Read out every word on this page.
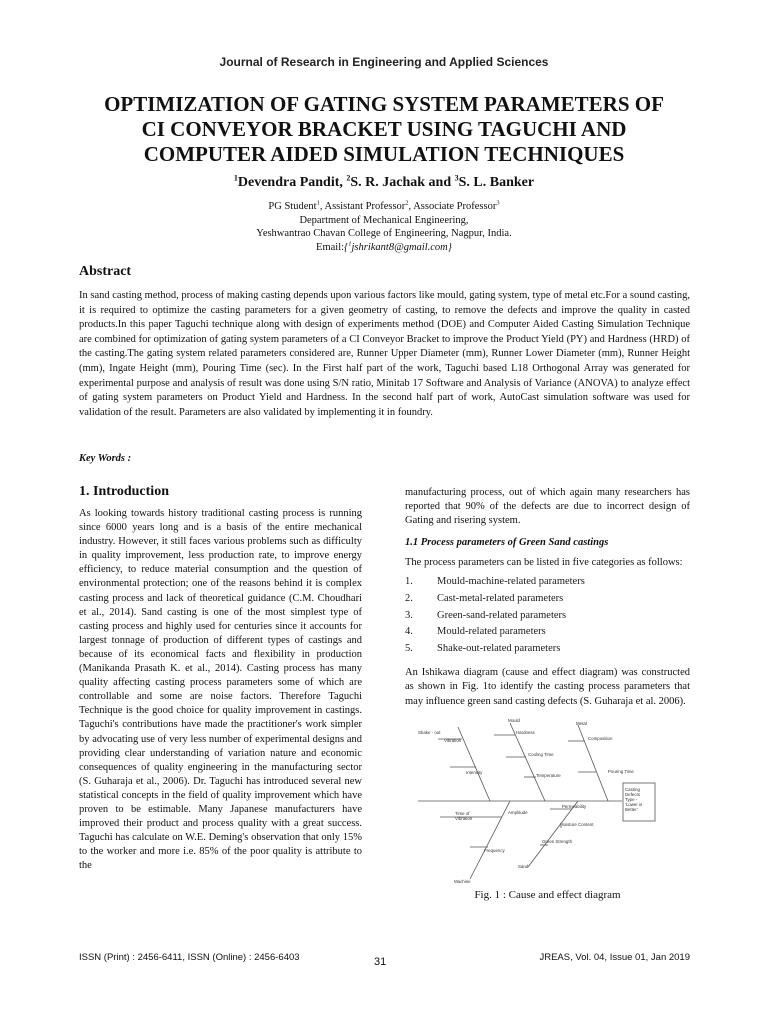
Journal of Research in Engineering and Applied Sciences
OPTIMIZATION OF GATING SYSTEM PARAMETERS OF
CI CONVEYOR BRACKET USING TAGUCHI AND
COMPUTER AIDED SIMULATION TECHNIQUES
$^1$Devendra Pandit, $^2$S. R. Jachak and $^3$S. L. Banker
PG Student$^1$, Assistant Professor$^2$, Associate Professor$^3$
Department of Mechanical Engineering,
Yeshwantrao Chavan College of Engineering, Nagpur, India.
Email:{$^1$jshrikant8@gmail.com}
Abstract
In sand casting method, process of making casting depends upon various factors like mould, gating system, type of metal etc.For a sound casting, it is required to optimize the casting parameters for a given geometry of casting, to remove the defects and improve the quality in casted products.In this paper Taguchi technique along with design of experiments method (DOE) and Computer Aided Casting Simulation Technique are combined for optimization of gating system parameters of a CI Conveyor Bracket to improve the Product Yield (PY) and Hardness (HRD) of the casting.The gating system related parameters considered are, Runner Upper Diameter (mm), Runner Lower Diameter (mm), Runner Height (mm), Ingate Height (mm), Pouring Time (sec). In the First half part of the work, Taguchi based L18 Orthogonal Array was generated for experimental purpose and analysis of result was done using S/N ratio, Minitab 17 Software and Analysis of Variance (ANOVA) to analyze effect of gating system parameters on Product Yield and Hardness. In the second half part of work, AutoCast simulation software was used for validation of the result. Parameters are also validated by implementing it in foundry.
Key Words :
1. Introduction

As looking towards history traditional casting process is running since 6000 years long and is a basis of the entire mechanical industry. However, it still faces various problems such as difficulty in quality improvement, less production rate, to improve energy efficiency, to reduce material consumption and the question of environmental protection; one of the reasons behind it is complex casting process and lack of theoretical guidance (C.M. Choudhari et al., 2014). Sand casting is one of the most simplest type of casting process and highly used for centuries since it accounts for largest tonnage of production of different types of castings and because of its economical facts and flexibility in production (Manikanda Prasath K. et al., 2014). Casting process has many quality affecting casting process parameters some of which are controllable and some are noise factors. Therefore Taguchi Technique is the good choice for quality improvement in castings. Taguchi's contributions have made the practitioner's work simpler by advocating use of very less number of experimental designs and providing clear understanding of variation nature and economic consequences of quality engineering in the manufacturing sector (S. Guharaja et al., 2006). Dr. Taguchi has introduced several new statistical concepts in the field of quality improvement which have proven to be estimable. Many Japanese manufacturers have improved their product and process quality with a great success. Taguchi has calculate on W.E. Deming's observation that only 15% to the worker and more i.e. 85% of the poor quality is attribute to the

manufacturing process, out of which again many researchers has reported that 90% of the defects are due to incorrect design of Gating and risering system.

1.1 Process parameters of Green Sand castings

The process parameters can be listed in five categories as follows:

1.	Mould-machine-related parameters
2.	Cast-metal-related parameters
3.	Green-sand-related parameters
4.	Mould-related parameters
5.	Shake-out-related parameters

An Ishikawa diagram (cause and effect diagram) was constructed as shown in Fig. 1to identify the casting process parameters that may influence green sand casting defects (S. Guharaja et al. 2006).

Mould
Metal
Shake - out
Vibration
Hardness
Composition
Cooling Time
Intensity
Temperature
Pouring Time
Permeability
Casting
Defects
Type -
'Lower is
Better'
Time of
Vibration
Amplitude
Moisture Content
Frequency
Green Strength
Sand
Machine
Fig. 1 : Cause and effect diagram
ISSN (Print) : 2456-6411, ISSN (Online) : 2456-6403	31	JREAS, Vol. 04, Issue 01, Jan 2019
